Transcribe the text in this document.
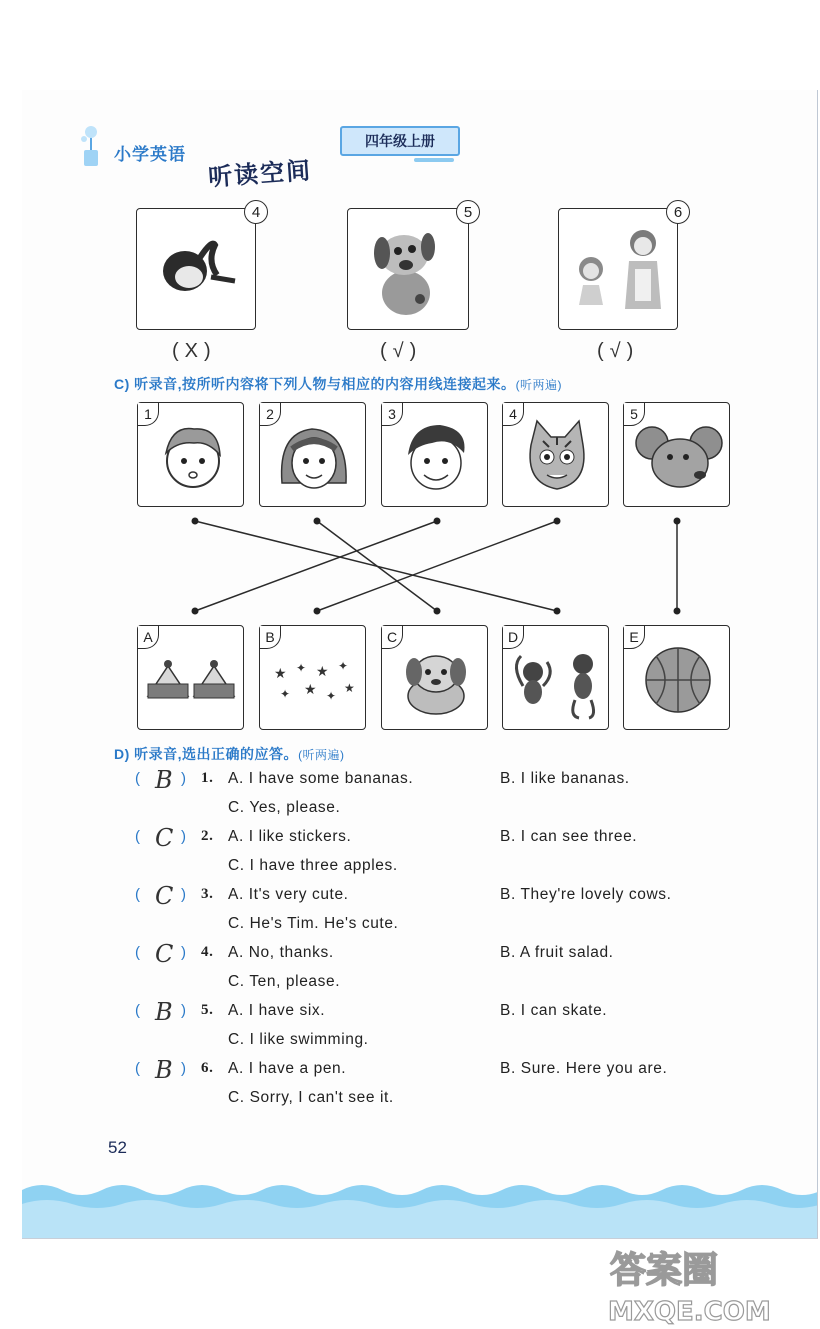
小学英语
听读空间
四年级上册
4	5	6
(X)	(√)	(√)
C) 听录音,按所听内容将下列人物与相应的内容用线连接起来。(听两遍)
1	2	3	4	5
A	B
★ ✦ ★ ✦
✦ ★ ✦
★
C	D	E
D) 听录音,选出正确的应答。(听两遍)
( B ) 1. A. I have some bananas.	B. I like bananas.
C. Yes, please.
( C ) 2. A. I like stickers.	B. I can see three.
C. I have three apples.
( C ) 3. A. It's very cute.	B. They're lovely cows.
C. He's Tim. He's cute.
( C ) 4. A. No, thanks.	B. A fruit salad.
C. Ten, please.
( B ) 5. A. I have six.	B. I can skate.
C. I like swimming.
( B ) 6. A. I have a pen.	B. Sure. Here you are.
C. Sorry, I can't see it.
52
答案圈
MXQE.COM
